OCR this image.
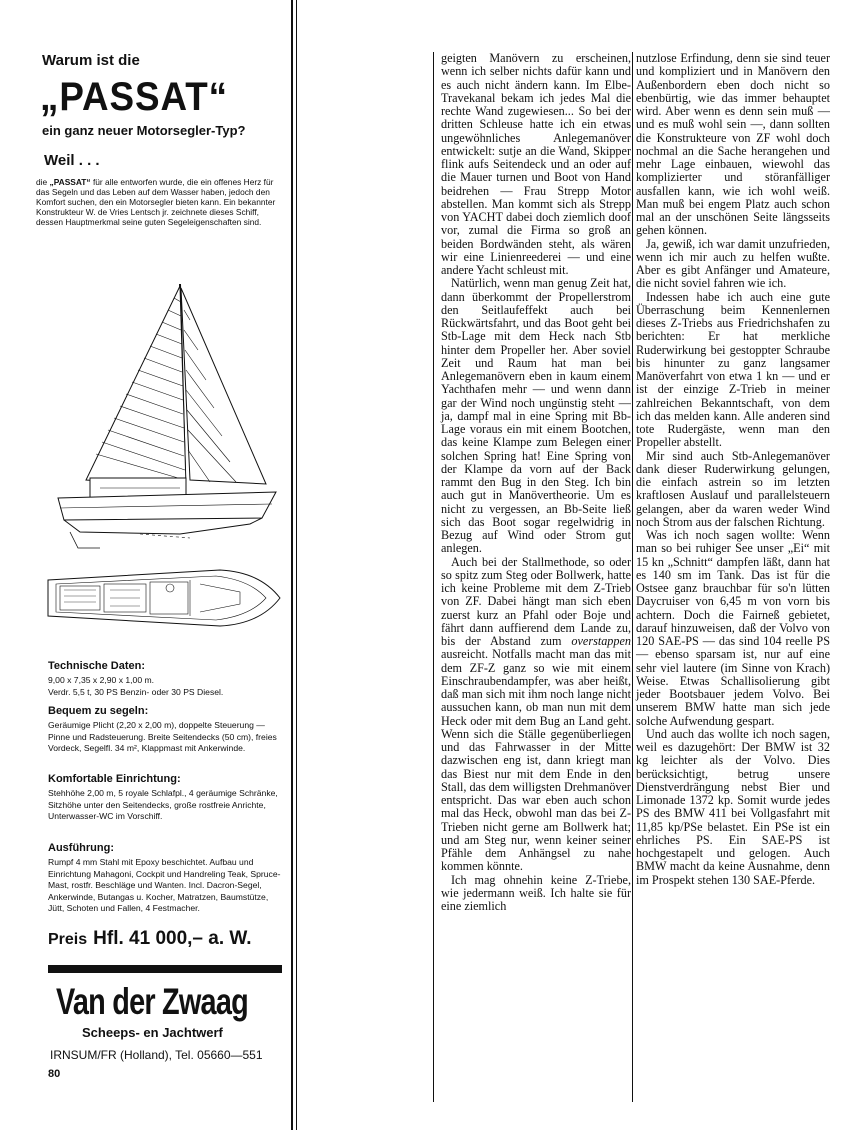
Warum ist die
„PASSAT“
ein ganz neuer Motorsegler-Typ?
Weil . . .
die „PASSAT“ für alle entworfen wurde, die ein offenes Herz für das Segeln und das Leben auf dem Wasser haben, jedoch den Komfort suchen, den ein Motorsegler bieten kann. Ein bekannter Konstrukteur W. de Vries Lentsch jr. zeichnete dieses Schiff, dessen Hauptmerkmal seine guten Segeleigenschaften sind.
Technische Daten:

9,00 x 7,35 x 2,90 x 1,00 m.
Verdr. 5,5 t, 30 PS Benzin- oder 30 PS Diesel.

Bequem zu segeln:

Geräumige Plicht (2,20 x 2,00 m), doppelte Steuerung — Pinne und Radsteuerung. Breite Seitendecks (50 cm), freies Vordeck, Segelfl. 34 m², Klappmast mit Ankerwinde.

Komfortable Einrichtung:

Stehhöhe 2,00 m, 5 royale Schlafpl., 4 geräumige Schränke, Sitzhöhe unter den Seitendecks, große rostfreie Anrichte, Unterwasser-WC im Vorschiff.

Ausführung:

Rumpf 4 mm Stahl mit Epoxy beschichtet. Aufbau und Einrichtung Mahagoni, Cockpit und Handreling Teak, Spruce-Mast, rostfr. Beschläge und Wanten. Incl. Dacron-Segel, Ankerwinde, Butangas u. Kocher, Matratzen, Baumstütze, Jütt, Schoten und Fallen, 4 Festmacher.

Preis Hfl. 41 000,– a. W.
Van der Zwaag
Scheeps- en Jachtwerf
IRNSUM/FR (Holland), Tel. 05660—551
80

geigten Manövern zu erscheinen, wenn ich selber nichts dafür kann und es auch nicht ändern kann. Im Elbe-Travekanal bekam ich jedes Mal die rechte Wand zugewiesen... So bei der dritten Schleuse hatte ich ein etwas ungewöhnliches Anlegemanöver entwickelt: sutje an die Wand, Skipper flink aufs Seitendeck und an oder auf die Mauer turnen und Boot von Hand beidrehen — Frau Strepp Motor abstellen. Man kommt sich als Strepp von YACHT dabei doch ziemlich doof vor, zumal die Firma so groß an beiden Bordwänden steht, als wären wir eine Linienreederei — und eine andere Yacht schleust mit.

Natürlich, wenn man genug Zeit hat, dann überkommt der Propellerstrom den Seitlaufeffekt auch bei Rückwärtsfahrt, und das Boot geht bei Stb-Lage mit dem Heck nach Stb hinter dem Propeller her. Aber soviel Zeit und Raum hat man bei Anlegemanövern eben in kaum einem Yachthafen mehr — und wenn dann gar der Wind noch ungünstig steht — ja, dampf mal in eine Spring mit Bb-Lage voraus ein mit einem Bootchen, das keine Klampe zum Belegen einer solchen Spring hat! Eine Spring von der Klampe da vorn auf der Back rammt den Bug in den Steg. Ich bin auch gut in Manövertheorie. Um es nicht zu vergessen, an Bb-Seite ließ sich das Boot sogar regelwidrig in Bezug auf Wind oder Strom gut anlegen.

Auch bei der Stallmethode, so oder so spitz zum Steg oder Bollwerk, hatte ich keine Probleme mit dem Z-Trieb von ZF. Dabei hängt man sich eben zuerst kurz an Pfahl oder Boje und fährt dann auffierend dem Lande zu, bis der Abstand zum overstappen ausreicht. Notfalls macht man das mit dem ZF-Z ganz so wie mit einem Einschraubendampfer, was aber heißt, daß man sich mit ihm noch lange nicht aussuchen kann, ob man nun mit dem Heck oder mit dem Bug an Land geht. Wenn sich die Ställe gegenüberliegen und das Fahrwasser in der Mitte dazwischen eng ist, dann kriegt man das Biest nur mit dem Ende in den Stall, das dem willigsten Drehmanöver entspricht. Das war eben auch schon mal das Heck, obwohl man das bei Z-Trieben nicht gerne am Bollwerk hat; und am Steg nur, wenn keiner seiner Pfähle dem Anhängsel zu nahe kommen könnte.

Ich mag ohnehin keine Z-Triebe, wie jedermann weiß. Ich halte sie für eine ziemlich

nutzlose Erfindung, denn sie sind teuer und kompliziert und in Manövern den Außenbordern eben doch nicht so ebenbürtig, wie das immer behauptet wird. Aber wenn es denn sein muß — und es muß wohl sein —, dann sollten die Konstrukteure von ZF wohl doch nochmal an die Sache herangehen und mehr Lage einbauen, wiewohl das komplizierter und störanfälliger ausfallen kann, wie ich wohl weiß. Man muß bei engem Platz auch schon mal an der unschönen Seite längsseits gehen können.

Ja, gewiß, ich war damit unzufrieden, wenn ich mir auch zu helfen wußte. Aber es gibt Anfänger und Amateure, die nicht soviel fahren wie ich.

Indessen habe ich auch eine gute Überraschung beim Kennenlernen dieses Z-Triebs aus Friedrichshafen zu berichten: Er hat merkliche Ruderwirkung bei gestoppter Schraube bis hinunter zu ganz langsamer Manöverfahrt von etwa 1 kn — und er ist der einzige Z-Trieb in meiner zahlreichen Bekanntschaft, von dem ich das melden kann. Alle anderen sind tote Rudergäste, wenn man den Propeller abstellt.

Mir sind auch Stb-Anlegemanöver dank dieser Ruderwirkung gelungen, die einfach astrein so im letzten kraftlosen Auslauf und parallelsteuern gelangen, aber da waren weder Wind noch Strom aus der falschen Richtung.

Was ich noch sagen wollte: Wenn man so bei ruhiger See unser „Ei“ mit 15 kn „Schnitt“ dampfen läßt, dann hat es 140 sm im Tank. Das ist für die Ostsee ganz brauchbar für so'n lütten Daycruiser von 6,45 m von vorn bis achtern. Doch die Fairneß gebietet, darauf hinzuweisen, daß der Volvo von 120 SAE-PS — das sind 104 reelle PS — ebenso sparsam ist, nur auf eine sehr viel lautere (im Sinne von Krach) Weise. Etwas Schallisolierung gibt jeder Bootsbauer jedem Volvo. Bei unserem BMW hatte man sich jede solche Aufwendung gespart.

Und auch das wollte ich noch sagen, weil es dazugehört: Der BMW ist 32 kg leichter als der Volvo. Dies berücksichtigt, betrug unsere Dienstverdrängung nebst Bier und Limonade 1372 kp. Somit wurde jedes PS des BMW 411 bei Vollgasfahrt mit 11,85 kp/PSe belastet. Ein PSe ist ein ehrliches PS. Ein SAE-PS ist hochgestapelt und gelogen. Auch BMW macht da keine Ausnahme, denn im Prospekt stehen 130 SAE-Pferde.
